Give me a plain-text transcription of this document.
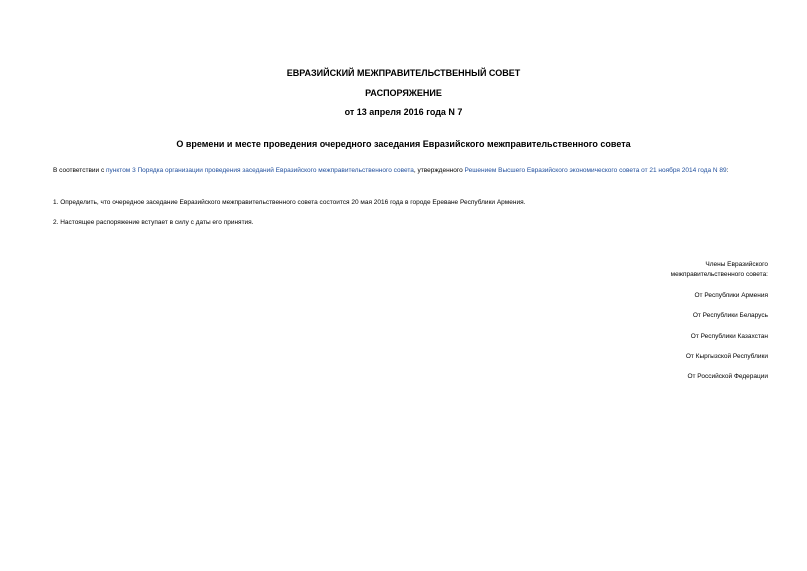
ЕВРАЗИЙСКИЙ МЕЖПРАВИТЕЛЬСТВЕННЫЙ СОВЕТ
РАСПОРЯЖЕНИЕ
от 13 апреля 2016 года N 7
О времени и месте проведения очередного заседания Евразийского межправительственного совета
В соответствии с пунктом 3 Порядка организации проведения заседаний Евразийского межправительственного совета, утвержденного Решением Высшего Евразийского экономического совета от 21 ноября 2014 года N 89:
1. Определить, что очередное заседание Евразийского межправительственного совета состоится 20 мая 2016 года в городе Ереване Республики Армения.
2. Настоящее распоряжение вступает в силу с даты его принятия.
Члены Евразийского
межправительственного совета:
От Республики Армения
От Республики Беларусь
От Республики Казахстан
От Кыргызской Республики
От Российской Федерации
